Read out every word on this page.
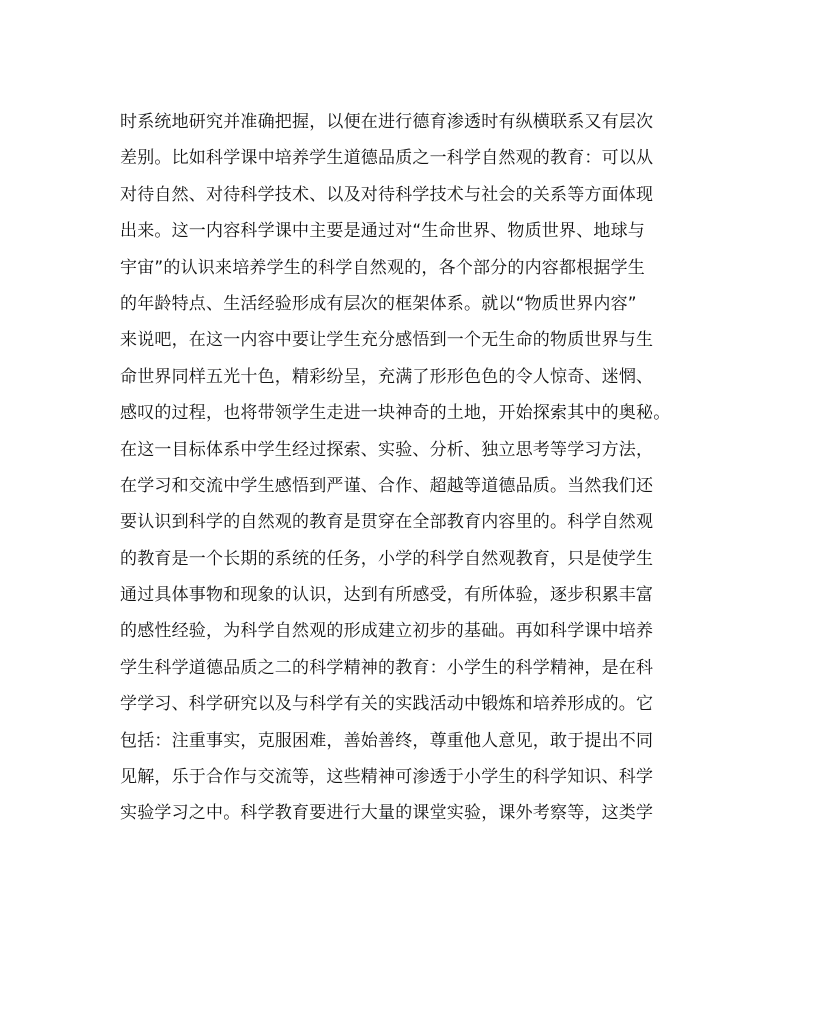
时系统地研究并准确把握，以便在进行德育渗透时有纵横联系又有层次
差别。比如科学课中培养学生道德品质之一科学自然观的教育：可以从
对待自然、对待科学技术、以及对待科学技术与社会的关系等方面体现
出来。这一内容科学课中主要是通过对“生命世界、物质世界、地球与
宇宙”的认识来培养学生的科学自然观的，各个部分的内容都根据学生
的年龄特点、生活经验形成有层次的框架体系。就以“物质世界内容”
来说吧，在这一内容中要让学生充分感悟到一个无生命的物质世界与生
命世界同样五光十色，精彩纷呈，充满了形形色色的令人惊奇、迷惘、
感叹的过程，也将带领学生走进一块神奇的土地，开始探索其中的奥秘。
在这一目标体系中学生经过探索、实验、分析、独立思考等学习方法，
在学习和交流中学生感悟到严谨、合作、超越等道德品质。当然我们还
要认识到科学的自然观的教育是贯穿在全部教育内容里的。科学自然观
的教育是一个长期的系统的任务，小学的科学自然观教育，只是使学生
通过具体事物和现象的认识，达到有所感受，有所体验，逐步积累丰富
的感性经验，为科学自然观的形成建立初步的基础。再如科学课中培养
学生科学道德品质之二的科学精神的教育：小学生的科学精神，是在科
学学习、科学研究以及与科学有关的实践活动中锻炼和培养形成的。它
包括：注重事实，克服困难，善始善终，尊重他人意见，敢于提出不同
见解，乐于合作与交流等，这些精神可渗透于小学生的科学知识、科学
实验学习之中。科学教育要进行大量的课堂实验，课外考察等，这类学
